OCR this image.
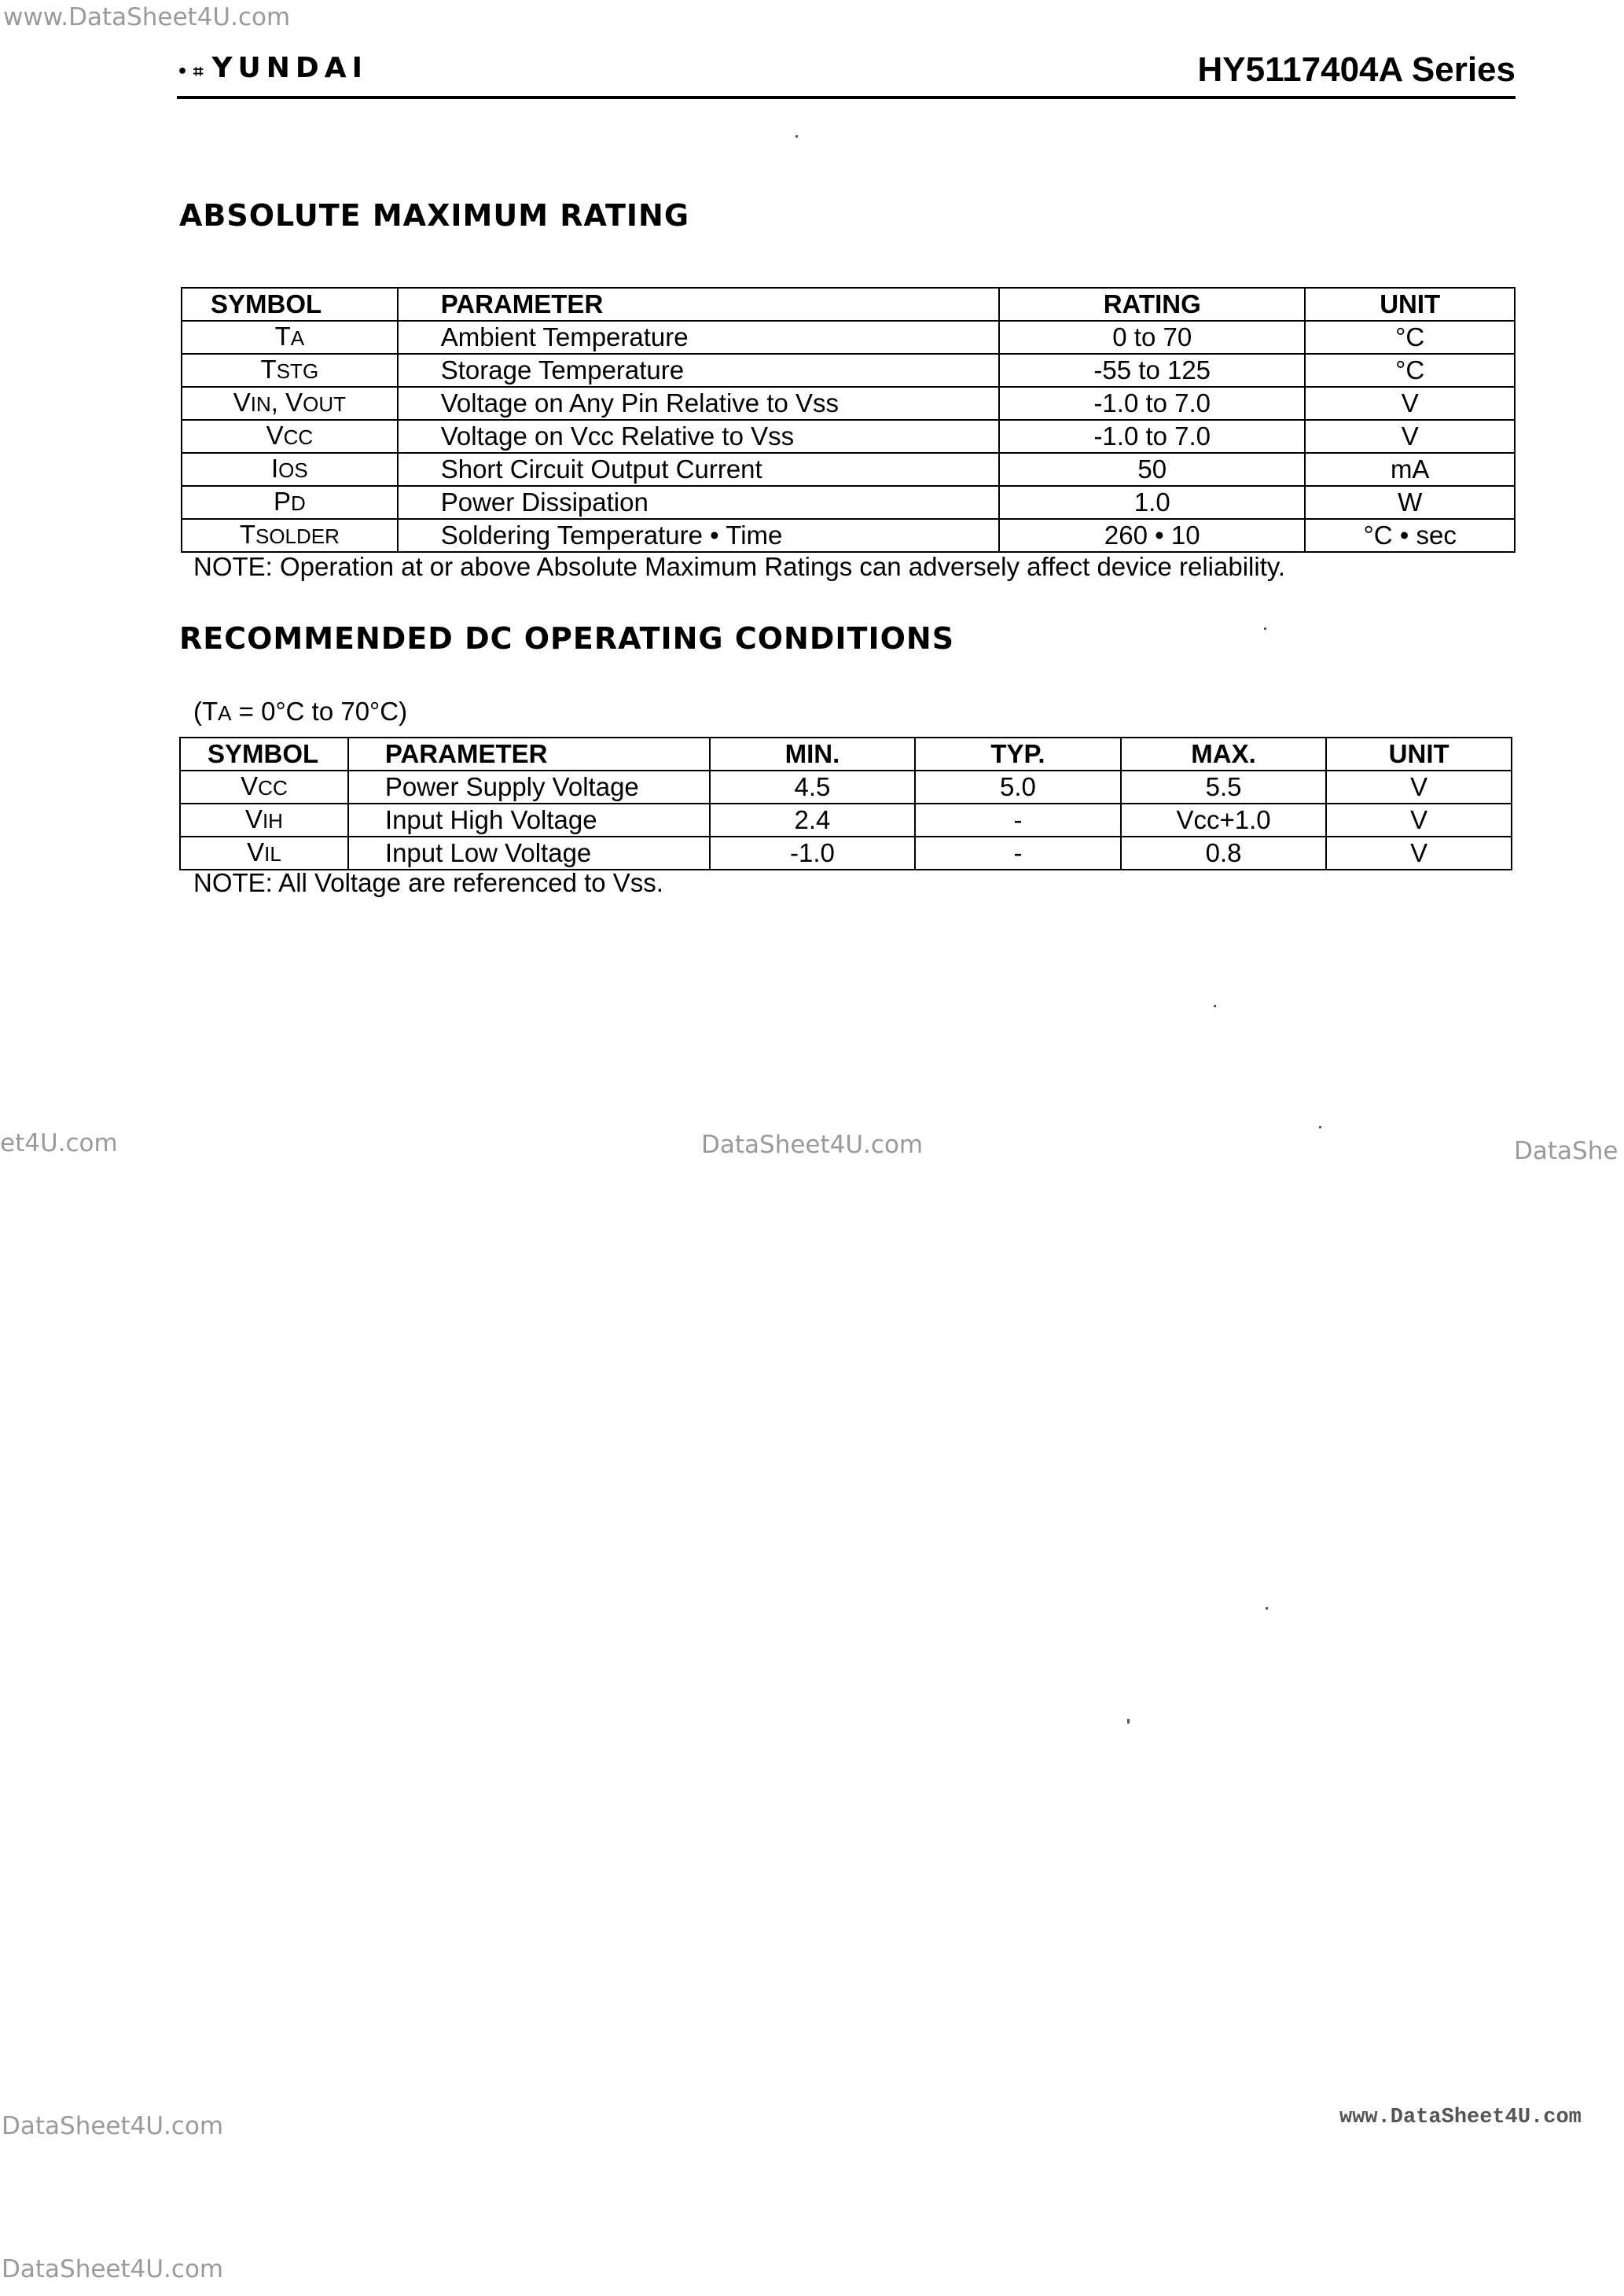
www.DataSheet4U.com
et4U.com	DataSheet4U.com	DataShe
DataSheet4U.com	www.DataSheet4U.com
DataSheet4U.com
•⌗ YUNDAI	HY5117404A Series
ABSOLUTE MAXIMUM RATING
SYMBOL	PARAMETER	RATING	UNIT
TA	Ambient Temperature	0 to 70	°C
TSTG	Storage Temperature	-55 to 125	°C
VIN, VOUT	Voltage on Any Pin Relative to Vss	-1.0 to 7.0	V
VCC	Voltage on Vcc Relative to Vss	-1.0 to 7.0	V
IOS	Short Circuit Output Current	50	mA
PD	Power Dissipation	1.0	W
TSOLDER	Soldering Temperature • Time	260 • 10	°C • sec
NOTE: Operation at or above Absolute Maximum Ratings can adversely affect device reliability.
RECOMMENDED DC OPERATING CONDITIONS
(TA = 0°C to 70°C)
SYMBOL	PARAMETER	MIN.	TYP.	MAX.	UNIT
VCC	Power Supply Voltage	4.5	5.0	5.5	V
VIH	Input High Voltage	2.4	-	Vcc+1.0	V
VIL	Input Low Voltage	-1.0	-	0.8	V
NOTE: All Voltage are referenced to Vss.
